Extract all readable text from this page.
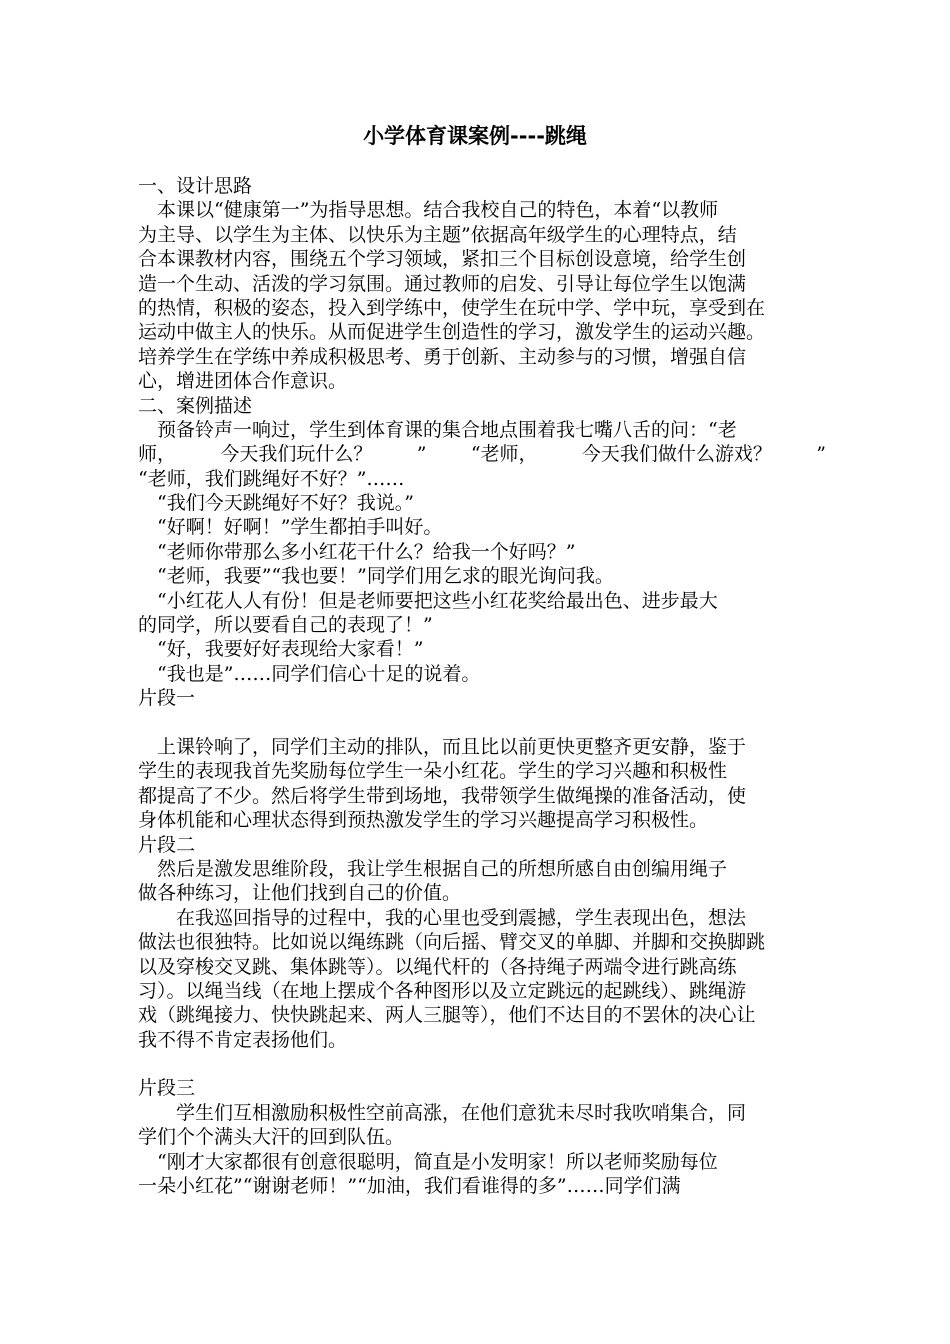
小学体育课案例----跳绳
一、设计思路
　本课以“健康第一”为指导思想。结合我校自己的特色，本着“以教师
为主导、以学生为主体、以快乐为主题”依据高年级学生的心理特点，结
合本课教材内容，围绕五个学习领域，紧扣三个目标创设意境，给学生创
造一个生动、活泼的学习氛围。通过教师的启发、引导让每位学生以饱满
的热情，积极的姿态，投入到学练中，使学生在玩中学、学中玩，享受到在
运动中做主人的快乐。从而促进学生创造性的学习，激发学生的运动兴趣。
培养学生在学练中养成积极思考、勇于创新、主动参与的习惯，增强自信
心，增进团体合作意识。
二、案例描述
　预备铃声一响过，学生到体育课的集合地点围着我七嘴八舌的问：“老
师， 今天我们玩什么？ ” “老师， 今天我们做什么游戏？ ”
“老师，我们跳绳好不好？”……
　“我们今天跳绳好不好？我说。”
　“好啊！好啊！”学生都拍手叫好。
　“老师你带那么多小红花干什么？给我一个好吗？”
　“老师，我要”“我也要！”同学们用乞求的眼光询问我。
　“小红花人人有份！但是老师要把这些小红花奖给最出色、进步最大
的同学，所以要看自己的表现了！”
　“好，我要好好表现给大家看！”
　“我也是”……同学们信心十足的说着。
片段一
　上课铃响了，同学们主动的排队，而且比以前更快更整齐更安静，鉴于
学生的表现我首先奖励每位学生一朵小红花。学生的学习兴趣和积极性
都提高了不少。然后将学生带到场地，我带领学生做绳操的准备活动，使
身体机能和心理状态得到预热激发学生的学习兴趣提高学习积极性。
片段二
　然后是激发思维阶段，我让学生根据自己的所想所感自由创编用绳子
做各种练习，让他们找到自己的价值。
　　在我巡回指导的过程中，我的心里也受到震撼，学生表现出色，想法
做法也很独特。比如说以绳练跳（向后摇、臂交叉的单脚、并脚和交换脚跳
以及穿梭交叉跳、集体跳等）。以绳代杆的（各持绳子两端令进行跳高练
习）。以绳当线（在地上摆成个各种图形以及立定跳远的起跳线）、跳绳游
戏（跳绳接力、快快跳起来、两人三腿等），他们不达目的不罢休的决心让
我不得不肯定表扬他们。
片段三
　　学生们互相激励积极性空前高涨，在他们意犹未尽时我吹哨集合，同
学们个个满头大汗的回到队伍。
　“刚才大家都很有创意很聪明，简直是小发明家！所以老师奖励每位
一朵小红花”“谢谢老师！”“加油，我们看谁得的多”……同学们满
